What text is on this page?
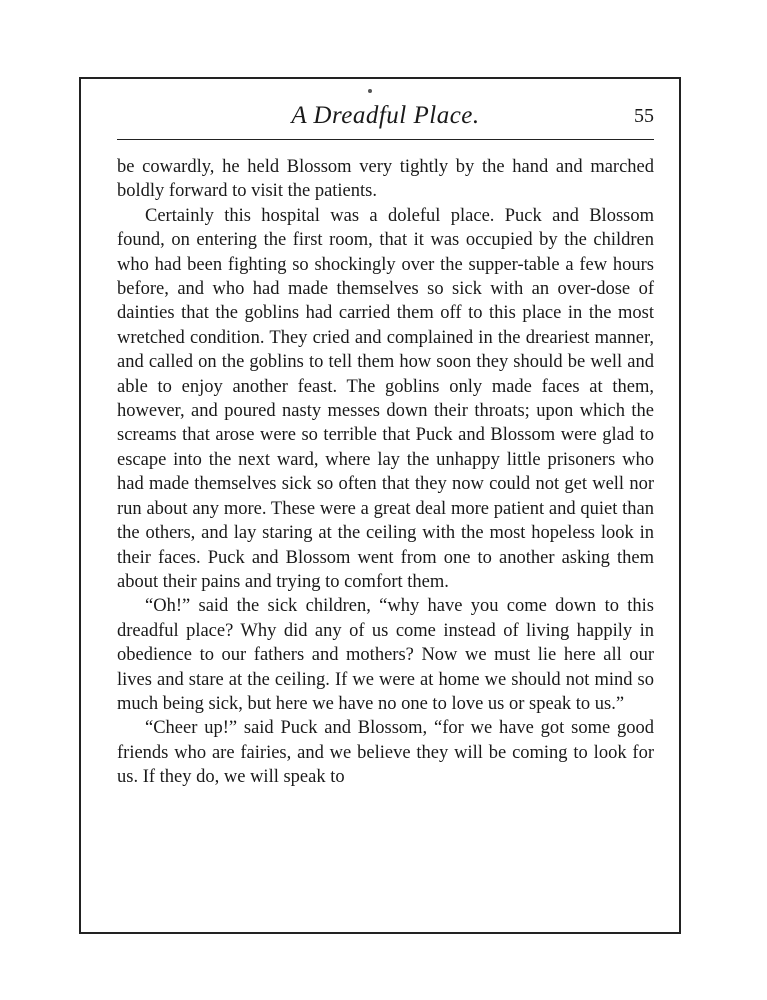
A Dreadful Place.	55

be cowardly, he held Blossom very tightly by the hand and marched boldly forward to visit the patients.

Certainly this hospital was a doleful place. Puck and Blossom found, on entering the first room, that it was occupied by the children who had been fighting so shockingly over the supper-table a few hours before, and who had made themselves so sick with an over-dose of dainties that the goblins had carried them off to this place in the most wretched condition. They cried and complained in the dreariest manner, and called on the goblins to tell them how soon they should be well and able to enjoy another feast. The goblins only made faces at them, however, and poured nasty messes down their throats; upon which the screams that arose were so terrible that Puck and Blossom were glad to escape into the next ward, where lay the unhappy little prisoners who had made themselves sick so often that they now could not get well nor run about any more. These were a great deal more patient and quiet than the others, and lay staring at the ceiling with the most hopeless look in their faces. Puck and Blossom went from one to another asking them about their pains and trying to comfort them.

“Oh!” said the sick children, “why have you come down to this dreadful place? Why did any of us come instead of living happily in obedience to our fathers and mothers? Now we must lie here all our lives and stare at the ceiling. If we were at home we should not mind so much being sick, but here we have no one to love us or speak to us.”

“Cheer up!” said Puck and Blossom, “for we have got some good friends who are fairies, and we believe they will be coming to look for us. If they do, we will speak to
